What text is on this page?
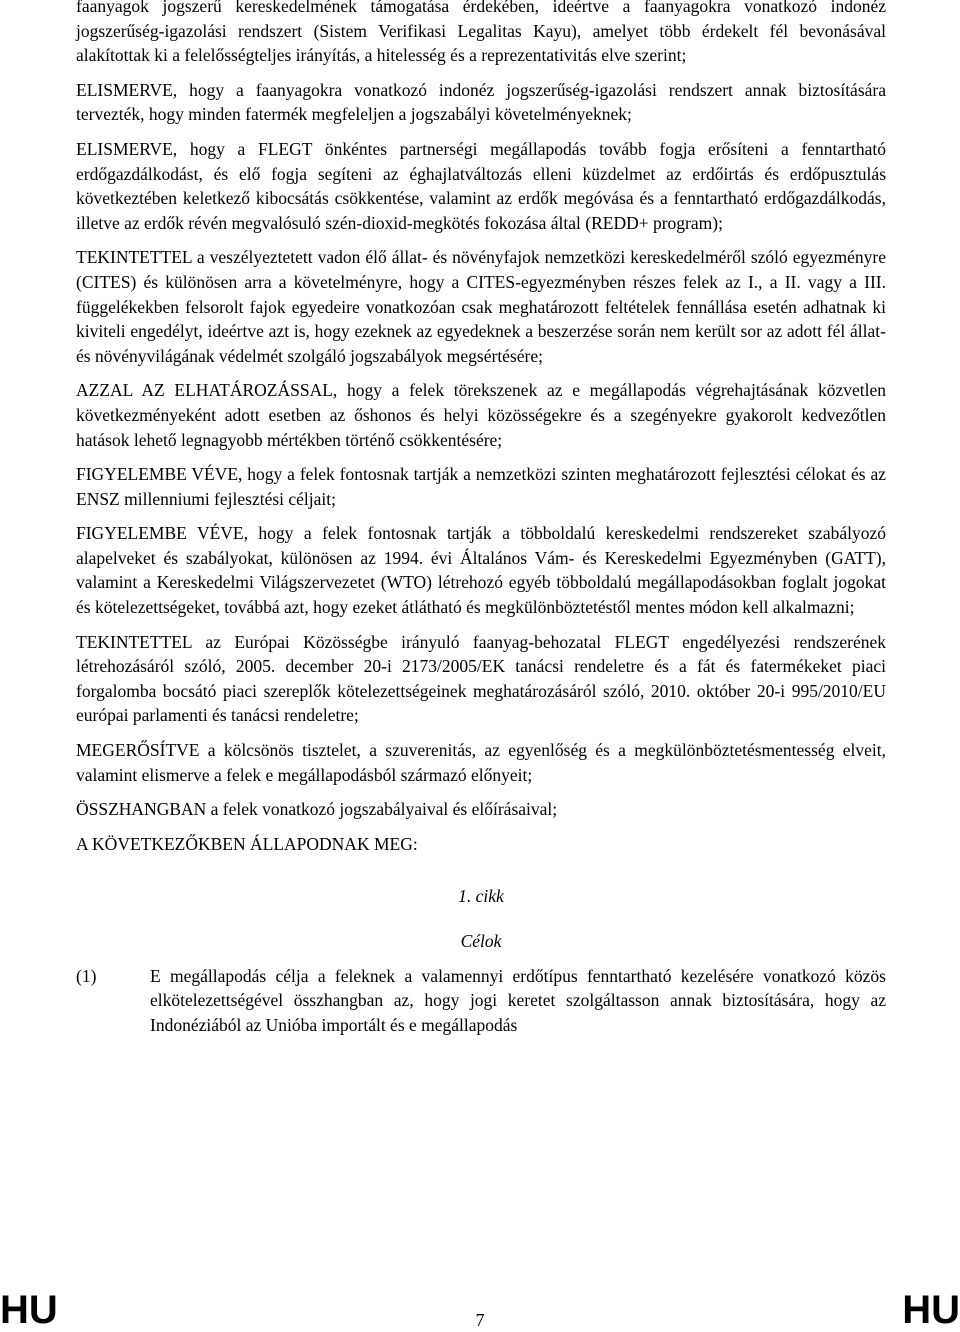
faanyagok jogszerű kereskedelmének támogatása érdekében, ideértve a faanyagokra vonatkozó indonéz jogszerűség-igazolási rendszert (Sistem Verifikasi Legalitas Kayu), amelyet több érdekelt fél bevonásával alakítottak ki a felelősségteljes irányítás, a hitelesség és a reprezentativitás elve szerint;

ELISMERVE, hogy a faanyagokra vonatkozó indonéz jogszerűség-igazolási rendszert annak biztosítására tervezték, hogy minden fatermék megfeleljen a jogszabályi követelményeknek;

ELISMERVE, hogy a FLEGT önkéntes partnerségi megállapodás tovább fogja erősíteni a fenntartható erdőgazdálkodást, és elő fogja segíteni az éghajlatváltozás elleni küzdelmet az erdőirtás és erdőpusztulás következtében keletkező kibocsátás csökkentése, valamint az erdők megóvása és a fenntartható erdőgazdálkodás, illetve az erdők révén megvalósuló szén-dioxid-megkötés fokozása által (REDD+ program);

TEKINTETTEL a veszélyeztetett vadon élő állat- és növényfajok nemzetközi kereskedelméről szóló egyezményre (CITES) és különösen arra a követelményre, hogy a CITES-egyezményben részes felek az I., a II. vagy a III. függelékekben felsorolt fajok egyedeire vonatkozóan csak meghatározott feltételek fennállása esetén adhatnak ki kiviteli engedélyt, ideértve azt is, hogy ezeknek az egyedeknek a beszerzése során nem került sor az adott fél állat- és növényvilágának védelmét szolgáló jogszabályok megsértésére;

AZZAL AZ ELHATÁROZÁSSAL, hogy a felek törekszenek az e megállapodás végrehajtásának közvetlen következményeként adott esetben az őshonos és helyi közösségekre és a szegényekre gyakorolt kedvezőtlen hatások lehető legnagyobb mértékben történő csökkentésére;

FIGYELEMBE VÉVE, hogy a felek fontosnak tartják a nemzetközi szinten meghatározott fejlesztési célokat és az ENSZ millenniumi fejlesztési céljait;

FIGYELEMBE VÉVE, hogy a felek fontosnak tartják a többoldalú kereskedelmi rendszereket szabályozó alapelveket és szabályokat, különösen az 1994. évi Általános Vám- és Kereskedelmi Egyezményben (GATT), valamint a Kereskedelmi Világszervezetet (WTO) létrehozó egyéb többoldalú megállapodásokban foglalt jogokat és kötelezettségeket, továbbá azt, hogy ezeket átlátható és megkülönböztetéstől mentes módon kell alkalmazni;

TEKINTETTEL az Európai Közösségbe irányuló faanyag-behozatal FLEGT engedélyezési rendszerének létrehozásáról szóló, 2005. december 20-i 2173/2005/EK tanácsi rendeletre és a fát és fatermékeket piaci forgalomba bocsátó piaci szereplők kötelezettségeinek meghatározásáról szóló, 2010. október 20-i 995/2010/EU európai parlamenti és tanácsi rendeletre;

MEGERŐSÍTVE a kölcsönös tisztelet, a szuverenitás, az egyenlőség és a megkülönböztetésmentesség elveit, valamint elismerve a felek e megállapodásból származó előnyeit;

ÖSSZHANGBAN a felek vonatkozó jogszabályaival és előírásaival;

A KÖVETKEZŐKBEN ÁLLAPODNAK MEG:

1. cikk

Célok

(1)	E megállapodás célja a feleknek a valamennyi erdőtípus fenntartható kezelésére vonatkozó közös elkötelezettségével összhangban az, hogy jogi keretet szolgáltasson annak biztosítására, hogy az Indonéziából az Unióba importált és e megállapodás
HU	7	HU
